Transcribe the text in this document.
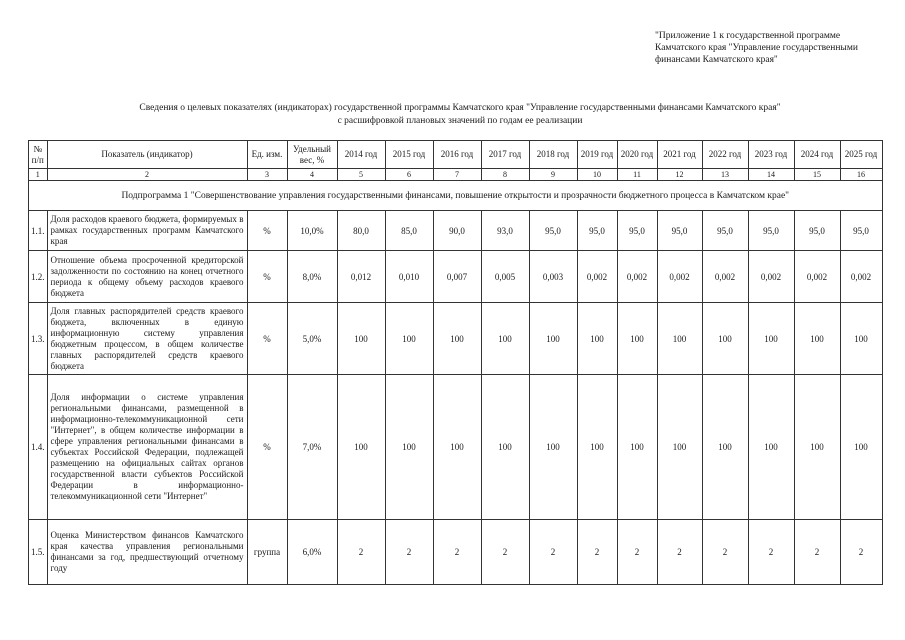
"Приложение 1 к государственной программе
Камчатского края "Управление государственными
финансами Камчатского края"
Сведения о целевых показателях (индикаторах) государственной программы Камчатского края "Управление государственными финансами Камчатского края"
с расшифровкой плановых значений по годам ее реализации
№ п/п	Показатель (индикатор)	Ед. изм.	Удельный вес, %	2014 год	2015 год	2016 год	2017 год	2018 год	2019 год	2020 год	2021 год	2022 год	2023 год	2024 год	2025 год
1	2	3	4	5	6	7	8	9	10	11	12	13	14	15	16
Подпрограмма 1 "Совершенствование управления государственными финансами, повышение открытости и прозрачности бюджетного процесса в Камчатском крае"															
1.1.	Доля расходов краевого бюджета, формируемых в рамках государственных программ Камчатского края	%	10,0%	80,0	85,0	90,0	93,0	95,0	95,0	95,0	95,0	95,0	95,0	95,0	95,0
1.2.	Отношение объема просроченной кредиторской задолженности по состоянию на конец отчетного периода к общему объему расходов краевого бюджета	%	8,0%	0,012	0,010	0,007	0,005	0,003	0,002	0,002	0,002	0,002	0,002	0,002	0,002
1.3.	Доля главных распорядителей средств краевого бюджета, включенных в единую информационную систему управления бюджетным процессом, в общем количестве главных распорядителей средств краевого бюджета	%	5,0%	100	100	100	100	100	100	100	100	100	100	100	100
1.4.	Доля информации о системе управления региональными финансами, размещенной в информационно-телекоммуникационной сети "Интернет", в общем количестве информации в сфере управления региональными финансами в субъектах Российской Федерации, подлежащей размещению на официальных сайтах органов государственной власти субъектов Российской Федерации в информационно-телекоммуникационной сети "Интернет"	%	7,0%	100	100	100	100	100	100	100	100	100	100	100	100
1.5.	Оценка Министерством финансов Камчатского края качества управления региональными финансами за год, предшествующий отчетному году	группа	6,0%	2	2	2	2	2	2	2	2	2	2	2	2
